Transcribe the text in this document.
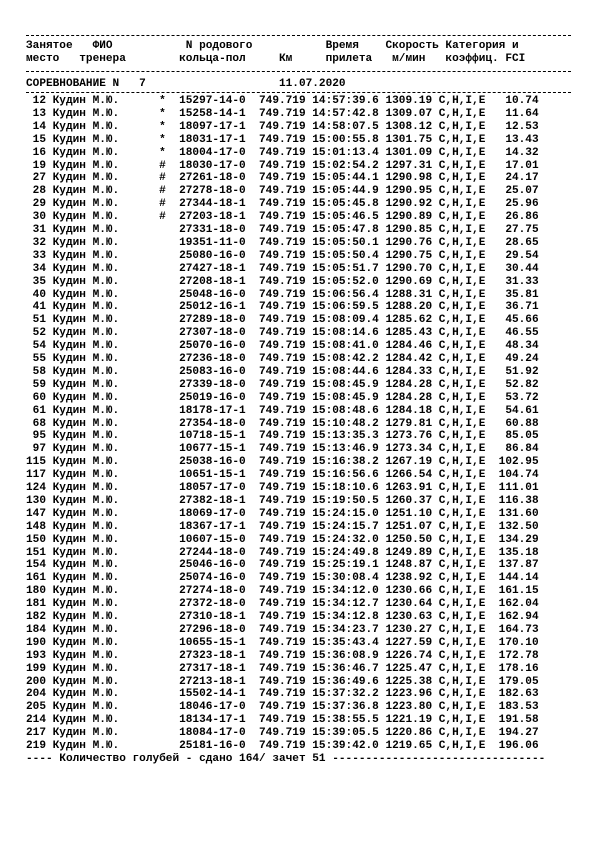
Занятое   ФИО           N родового           Время    Скорость Категория и
место   тренера        кольца-пол     Км     прилета   м/мин   коэффиц. FCI
СОРЕВНОВАНИЕ N   7                    11.07.2020
12 Кудин М.Ю.      *  15297-14-0  749.719 14:57:39.6 1309.19 C,H,I,E   10.74
13 Кудин М.Ю.      *  15258-14-1  749.719 14:57:42.8 1309.07 C,H,I,E   11.64
14 Кудин М.Ю.      *  18097-17-1  749.719 14:58:07.5 1308.12 C,H,I,E   12.53
15 Кудин М.Ю.      *  18031-17-1  749.719 15:00:55.8 1301.75 C,H,I,E   13.43
16 Кудин М.Ю.      *  18004-17-0  749.719 15:01:13.4 1301.09 C,H,I,E   14.32
19 Кудин М.Ю.      #  18030-17-0  749.719 15:02:54.2 1297.31 C,H,I,E   17.01
27 Кудин М.Ю.      #  27261-18-0  749.719 15:05:44.1 1290.98 C,H,I,E   24.17
28 Кудин М.Ю.      #  27278-18-0  749.719 15:05:44.9 1290.95 C,H,I,E   25.07
29 Кудин М.Ю.      #  27344-18-1  749.719 15:05:45.8 1290.92 C,H,I,E   25.96
30 Кудин М.Ю.      #  27203-18-1  749.719 15:05:46.5 1290.89 C,H,I,E   26.86
31 Кудин М.Ю.         27331-18-0  749.719 15:05:47.8 1290.85 C,H,I,E   27.75
32 Кудин М.Ю.         19351-11-0  749.719 15:05:50.1 1290.76 C,H,I,E   28.65
33 Кудин М.Ю.         25080-16-0  749.719 15:05:50.4 1290.75 C,H,I,E   29.54
34 Кудин М.Ю.         27427-18-1  749.719 15:05:51.7 1290.70 C,H,I,E   30.44
35 Кудин М.Ю.         27208-18-1  749.719 15:05:52.0 1290.69 C,H,I,E   31.33
40 Кудин М.Ю.         25048-16-0  749.719 15:06:56.4 1288.31 C,H,I,E   35.81
41 Кудин М.Ю.         25012-16-1  749.719 15:06:59.5 1288.20 C,H,I,E   36.71
51 Кудин М.Ю.         27289-18-0  749.719 15:08:09.4 1285.62 C,H,I,E   45.66
52 Кудин М.Ю.         27307-18-0  749.719 15:08:14.6 1285.43 C,H,I,E   46.55
54 Кудин М.Ю.         25070-16-0  749.719 15:08:41.0 1284.46 C,H,I,E   48.34
55 Кудин М.Ю.         27236-18-0  749.719 15:08:42.2 1284.42 C,H,I,E   49.24
58 Кудин М.Ю.         25083-16-0  749.719 15:08:44.6 1284.33 C,H,I,E   51.92
59 Кудин М.Ю.         27339-18-0  749.719 15:08:45.9 1284.28 C,H,I,E   52.82
60 Кудин М.Ю.         25019-16-0  749.719 15:08:45.9 1284.28 C,H,I,E   53.72
61 Кудин М.Ю.         18178-17-1  749.719 15:08:48.6 1284.18 C,H,I,E   54.61
68 Кудин М.Ю.         27354-18-0  749.719 15:10:48.2 1279.81 C,H,I,E   60.88
95 Кудин М.Ю.         10718-15-1  749.719 15:13:35.3 1273.76 C,H,I,E   85.05
97 Кудин М.Ю.         10677-15-1  749.719 15:13:46.9 1273.34 C,H,I,E   86.84
115 Кудин М.Ю.         25038-16-0  749.719 15:16:38.2 1267.19 C,H,I,E  102.95
117 Кудин М.Ю.         10651-15-1  749.719 15:16:56.6 1266.54 C,H,I,E  104.74
124 Кудин М.Ю.         18057-17-0  749.719 15:18:10.6 1263.91 C,H,I,E  111.01
130 Кудин М.Ю.         27382-18-1  749.719 15:19:50.5 1260.37 C,H,I,E  116.38
147 Кудин М.Ю.         18069-17-0  749.719 15:24:15.0 1251.10 C,H,I,E  131.60
148 Кудин М.Ю.         18367-17-1  749.719 15:24:15.7 1251.07 C,H,I,E  132.50
150 Кудин М.Ю.         10607-15-0  749.719 15:24:32.0 1250.50 C,H,I,E  134.29
151 Кудин М.Ю.         27244-18-0  749.719 15:24:49.8 1249.89 C,H,I,E  135.18
154 Кудин М.Ю.         25046-16-0  749.719 15:25:19.1 1248.87 C,H,I,E  137.87
161 Кудин М.Ю.         25074-16-0  749.719 15:30:08.4 1238.92 C,H,I,E  144.14
180 Кудин М.Ю.         27274-18-0  749.719 15:34:12.0 1230.66 C,H,I,E  161.15
181 Кудин М.Ю.         27372-18-0  749.719 15:34:12.7 1230.64 C,H,I,E  162.04
182 Кудин М.Ю.         27310-18-1  749.719 15:34:12.8 1230.63 C,H,I,E  162.94
184 Кудин М.Ю.         27296-18-0  749.719 15:34:23.7 1230.27 C,H,I,E  164.73
190 Кудин М.Ю.         10655-15-1  749.719 15:35:43.4 1227.59 C,H,I,E  170.10
193 Кудин М.Ю.         27323-18-1  749.719 15:36:08.9 1226.74 C,H,I,E  172.78
199 Кудин М.Ю.         27317-18-1  749.719 15:36:46.7 1225.47 C,H,I,E  178.16
200 Кудин М.Ю.         27213-18-1  749.719 15:36:49.6 1225.38 C,H,I,E  179.05
204 Кудин М.Ю.         15502-14-1  749.719 15:37:32.2 1223.96 C,H,I,E  182.63
205 Кудин М.Ю.         18046-17-0  749.719 15:37:36.8 1223.80 C,H,I,E  183.53
214 Кудин М.Ю.         18134-17-1  749.719 15:38:55.5 1221.19 C,H,I,E  191.58
217 Кудин М.Ю.         18084-17-0  749.719 15:39:05.5 1220.86 C,H,I,E  194.27
219 Кудин М.Ю.         25181-16-0  749.719 15:39:42.0 1219.65 C,H,I,E  196.06
---- Количество голубей - сдано 164/ зачет 51 --------------------------------
